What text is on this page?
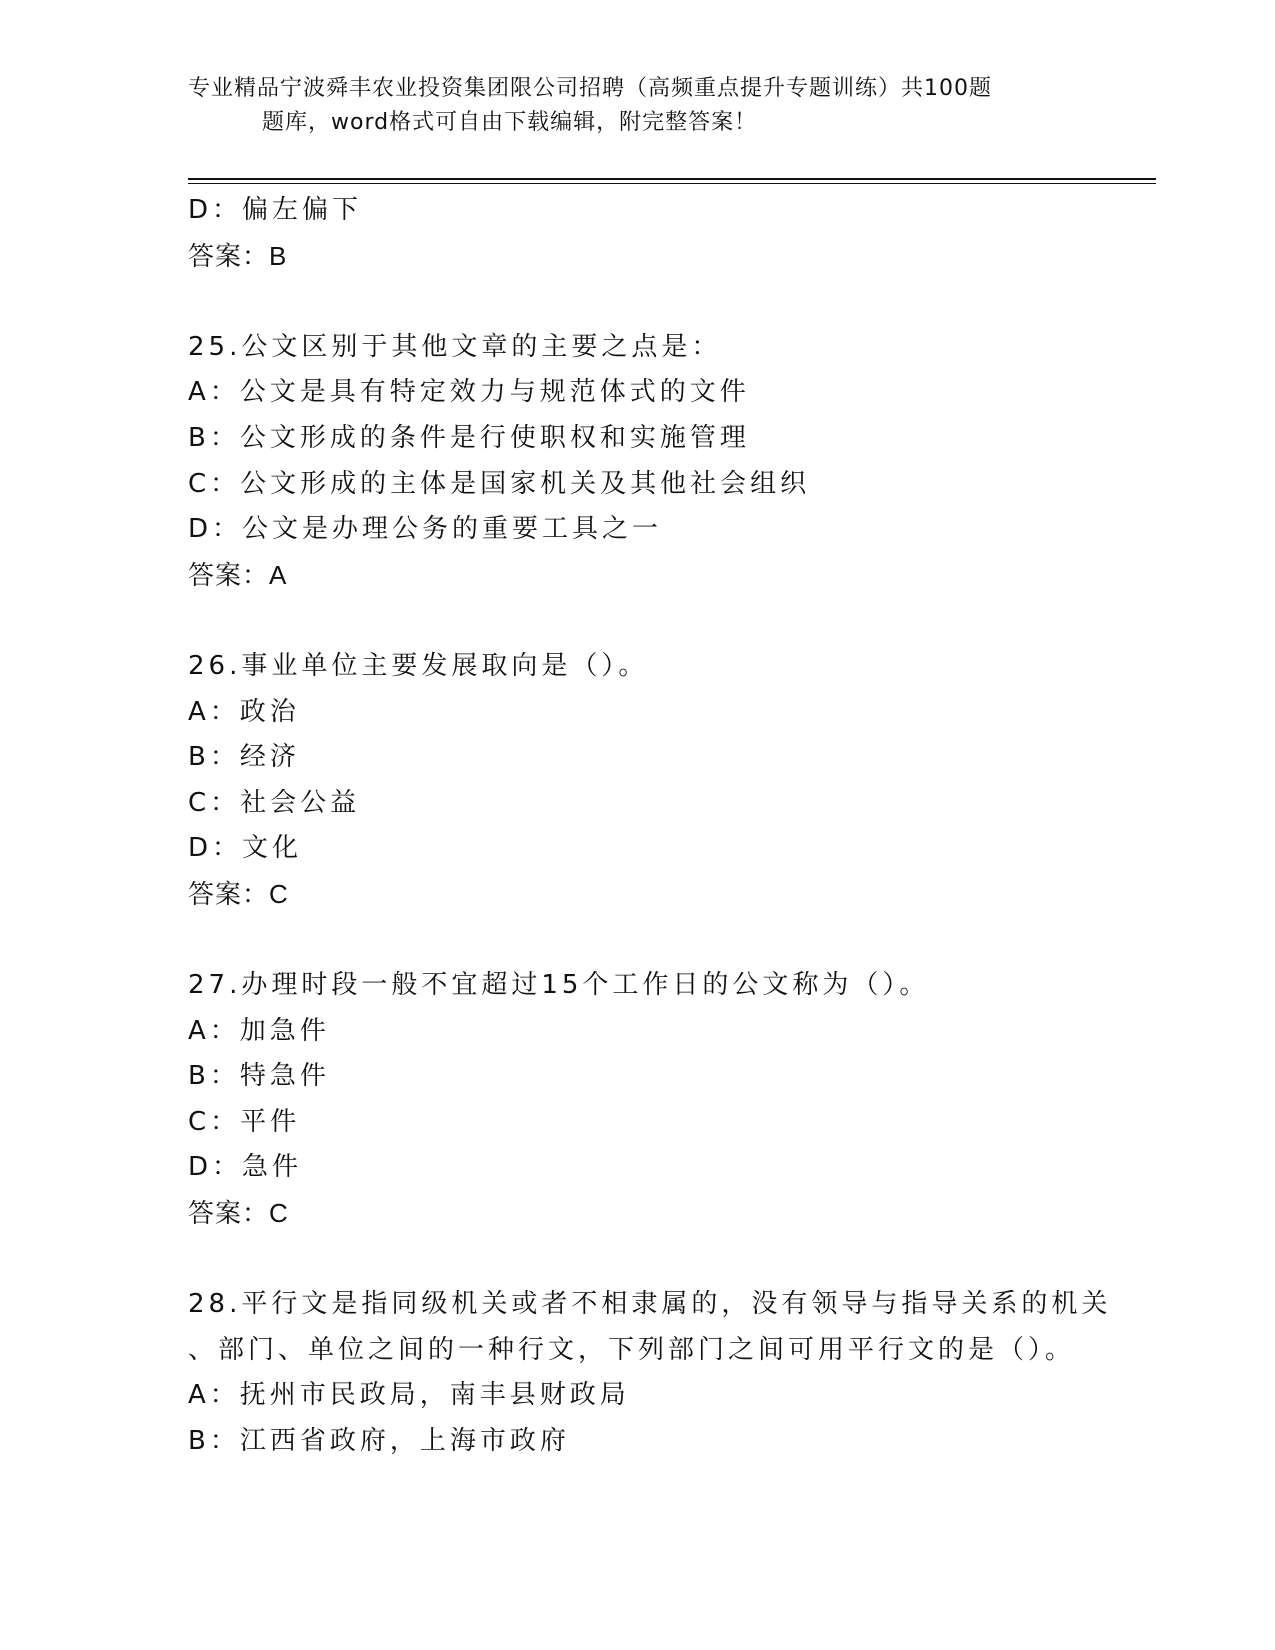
专业精品宁波舜丰农业投资集团限公司招聘（高频重点提升专题训练）共100题
题库，word格式可自由下载编辑，附完整答案！
D：偏左偏下
答案：B
25.公文区别于其他文章的主要之点是：
A：公文是具有特定效力与规范体式的文件
B：公文形成的条件是行使职权和实施管理
C：公文形成的主体是国家机关及其他社会组织
D：公文是办理公务的重要工具之一
答案：A
26.事业单位主要发展取向是（）。
A：政治
B：经济
C：社会公益
D：文化
答案：C
27.办理时段一般不宜超过15个工作日的公文称为（）。
A：加急件
B：特急件
C：平件
D：急件
答案：C
28.平行文是指同级机关或者不相隶属的，没有领导与指导关系的机关
、部门、单位之间的一种行文，下列部门之间可用平行文的是（）。
A：抚州市民政局，南丰县财政局
B：江西省政府，上海市政府
